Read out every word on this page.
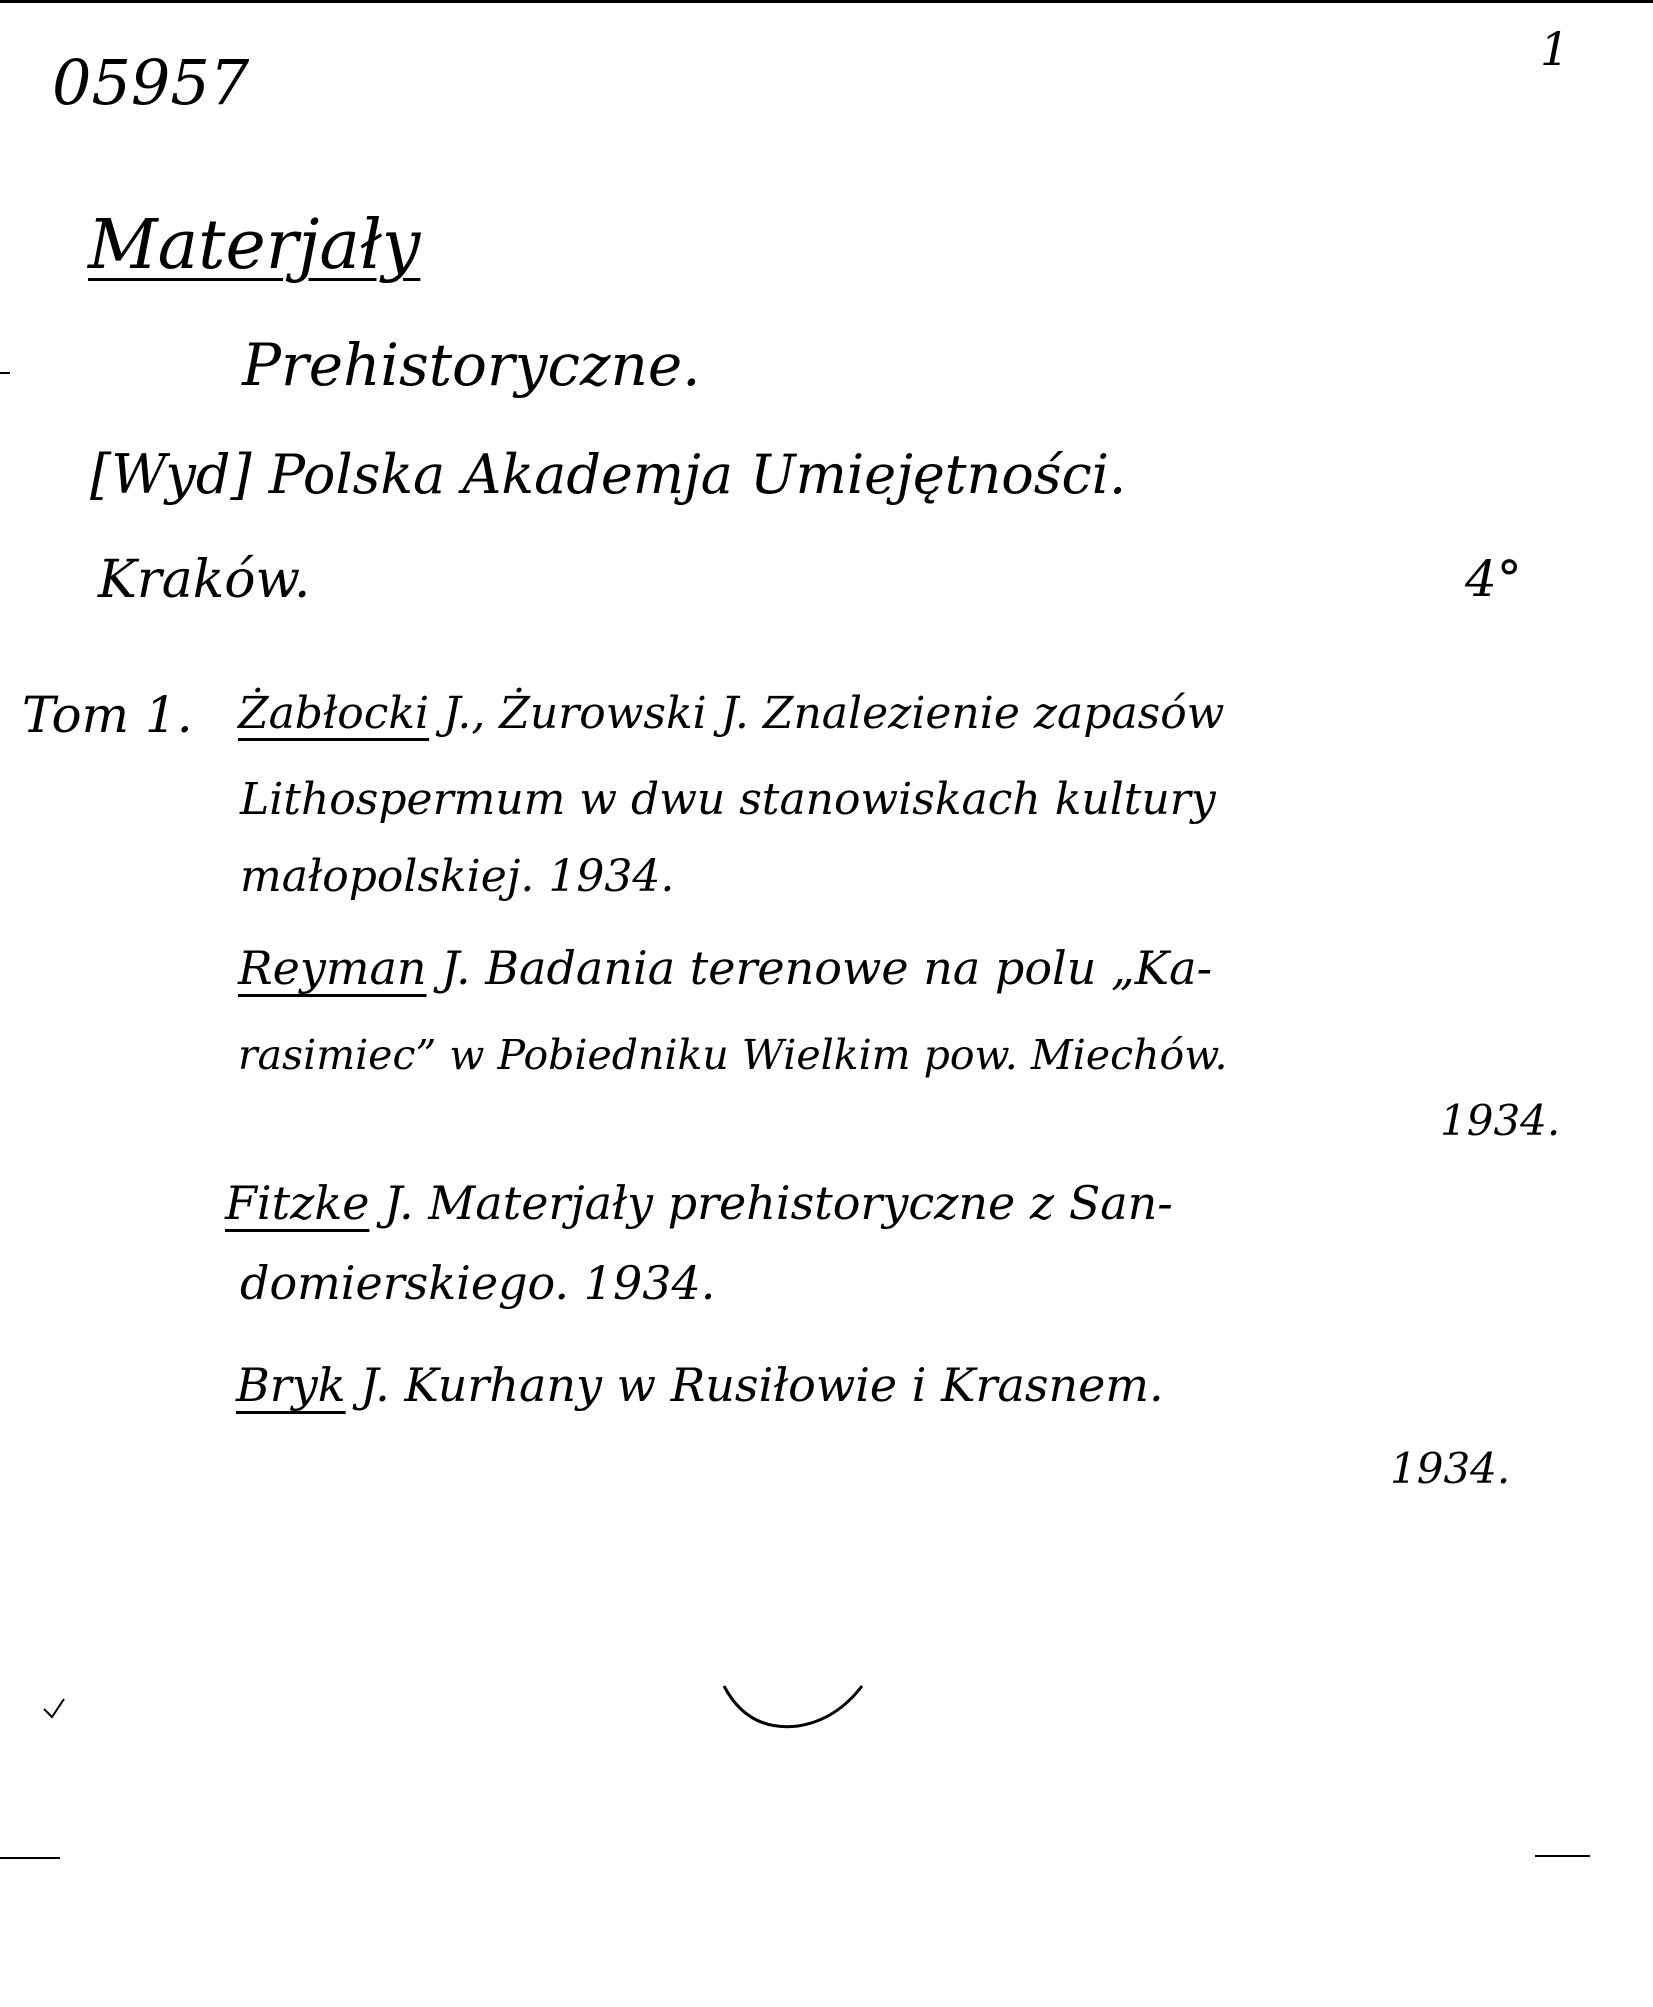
05957	1
Materjały
Prehistoryczne.
[Wyd] Polska Akademja Umiejętności.
Kraków.	4°
Tom 1. Żabłocki J., Żurowski J. Znalezienie zapasów
Lithospermum w dwu stanowiskach kultury
małopolskiej. 1934.
Reyman J. Badania terenowe na polu „Ka-
rasimiec” w Pobiedniku Wielkim pow. Miechów.
1934.
Fitzke J. Materjały prehistoryczne z San-
domierskiego. 1934.
Bryk J. Kurhany w Rusiłowie i Krasnem.
1934.
